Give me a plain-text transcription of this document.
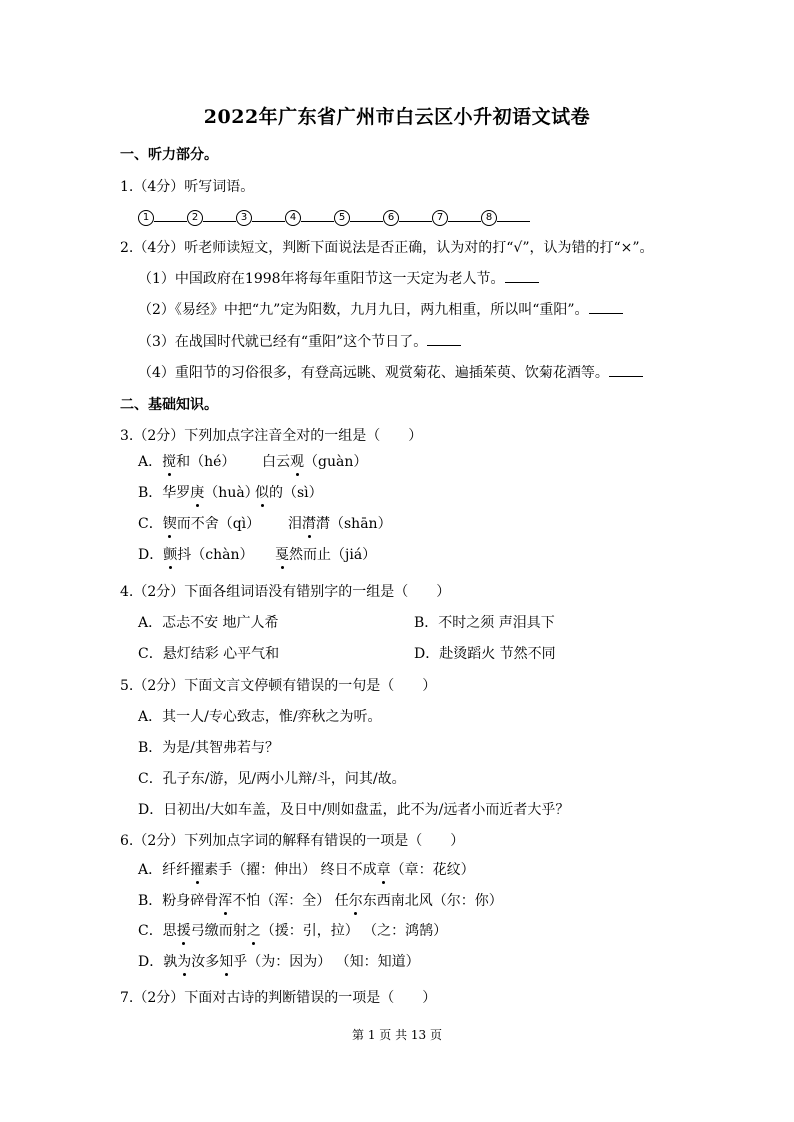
2022年广东省广州市白云区小升初语文试卷
一、听力部分。
1.（4分）听写词语。
1	2	3	4	5	6	7	8
2.（4分）听老师读短文，判断下面说法是否正确，认为对的打“√”，认为错的打“×”。
（1）中国政府在1998年将每年重阳节这一天定为老人节。
（2）《易经》中把“九”定为阳数，九月九日，两九相重，所以叫“重阳”。
（3）在战国时代就已经有“重阳”这个节日了。
（4）重阳节的习俗很多，有登高远眺、观赏菊花、遍插茱萸、饮菊花酒等。
二、基础知识。
3.（2分）下列加点字注音全对的一组是（　　）
A．搅和（hé） 白云观（guàn）
B．华罗庚（huà）
似的（sì）
C．锲而不舍（qì） 泪潸潸（shān）
D．颤抖（chàn） 戛然而止（jiá）
4.（2分）下面各组词语没有错别字的一组是（　　）
A．忑忐不安 地广人希	B．不时之须 声泪具下
C．悬灯结彩 心平气和	D．赴烫蹈火 节然不同
5.（2分）下面文言文停顿有错误的一句是（　　）
A．其一人/专心致志，惟/弈秋之为听。
B．为是/其智弗若与？
C．孔子东/游，见/两小儿辩/斗，问其/故。
D．日初出/大如车盖，及日中/则如盘盂，此不为/远者小而近者大乎？
6.（2分）下列加点字词的解释有错误的一项是（　　）
A．纤纤擢素手（擢：伸出） 终日不成章（章：花纹）
B．粉身碎骨浑不怕（浑：全） 任尔东西南北风（尔：你）
C．思援弓缴而射之（援：引，拉） （之：鸿鹄）
D．孰为汝多知乎（为：因为） （知：知道）
7.（2分）下面对古诗的判断错误的一项是（　　）
第 1 页 共 13 页
